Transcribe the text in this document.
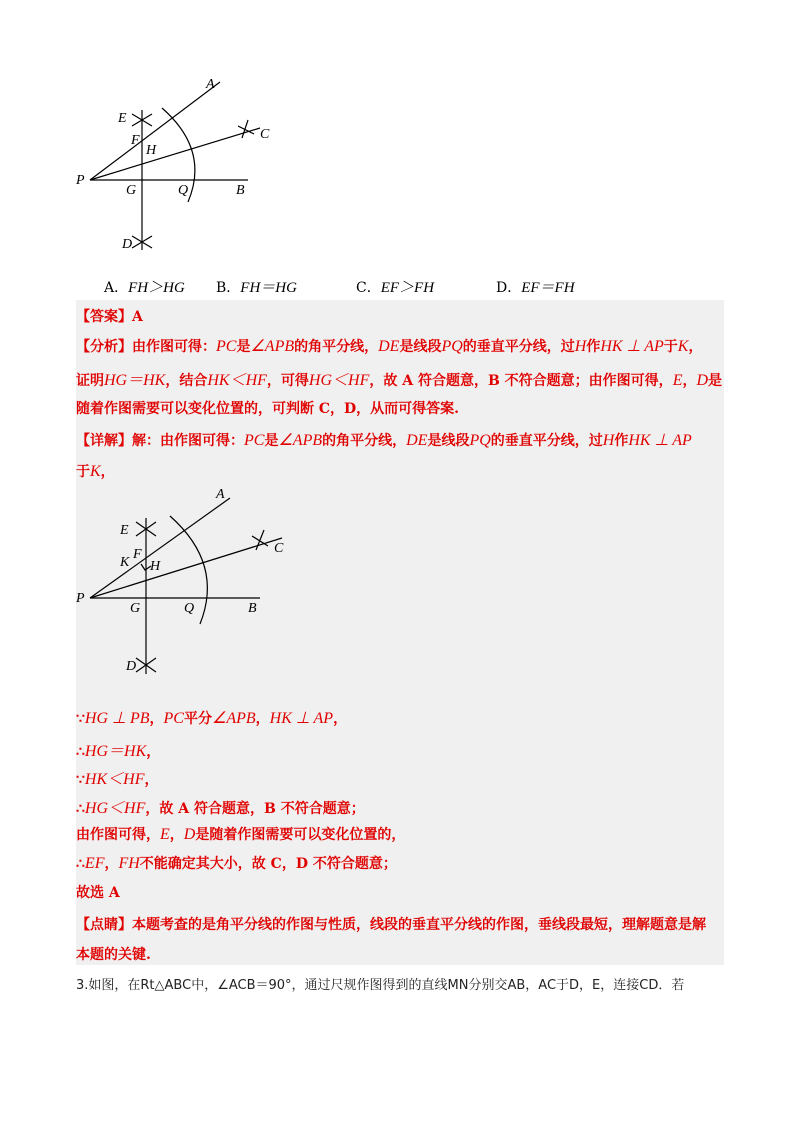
A
E
F
H
C
P
G	Q	B
D
A．FH＞HG B．FH＝HG	C．EF＞FH	D．EF＝FH
【答案】A
【分析】由作图可得：PC是∠APB的角平分线，DE是线段PQ的垂直平分线，过H作HK ⊥ AP于K，
证明HG＝HK，结合HK＜HF，可得HG＜HF，故 A 符合题意，B 不符合题意；由作图可得，E，D是
随着作图需要可以变化位置的，可判断 C，D，从而可得答案.
【详解】解：由作图可得：PC是∠APB的角平分线，DE是线段PQ的垂直平分线，过H作HK ⊥ AP
于K，
A
E
K
F
H
C
P
G	Q	B
D
∵HG ⊥ PB，PC平分∠APB，HK ⊥ AP，
∴HG＝HK，
∵HK＜HF，
∴HG＜HF，故 A 符合题意，B 不符合题意；
由作图可得，E，D是随着作图需要可以变化位置的，
∴EF，FH不能确定其大小，故 C，D 不符合题意；
故选 A
【点睛】本题考查的是角平分线的作图与性质，线段的垂直平分线的作图，垂线段最短，理解题意是解
本题的关键.
3.如图，在Rt△ABC中，∠ACB＝90°，通过尺规作图得到的直线MN分别交AB，AC于D，E，连接CD．若
